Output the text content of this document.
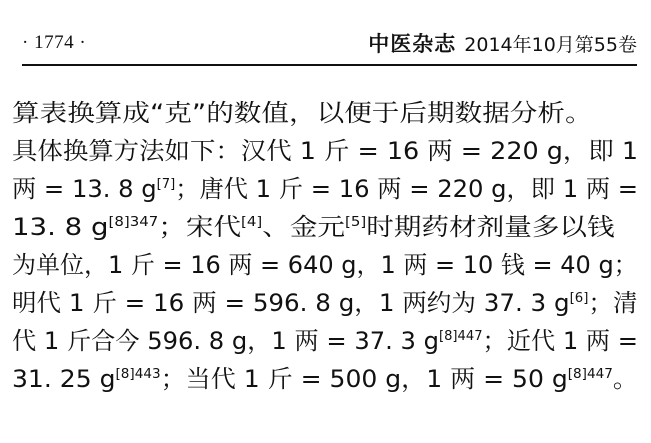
· 1774 ·	中医杂志 2014年10月第55卷
算表换算成“克”的数值，以便于后期数据分析。
具体换算方法如下：汉代 1 斤 = 16 两 = 220 g，即 1
两 = 13. 8 g[7]；唐代 1 斤 = 16 两 = 220 g，即 1 两 =
13. 8 $g^{[8]347}$；宋代[4]、金元[5]时期药材剂量多以钱
为单位，1 斤 = 16 两 = 640 g，1 两 = 10 钱 = 40 g；
明代 1 斤 = 16 两 = 596. 8 g，1 两约为 37. 3 g[6]；清
代 1 斤合今 596. 8 g，1 两 = 37. 3 $g^{[8]447}$；近代 1 两 =
31. 25 $g^{[8]443}$；当代 1 斤 = 500 g，1 两 = 50 $g^{[8]447}$。
